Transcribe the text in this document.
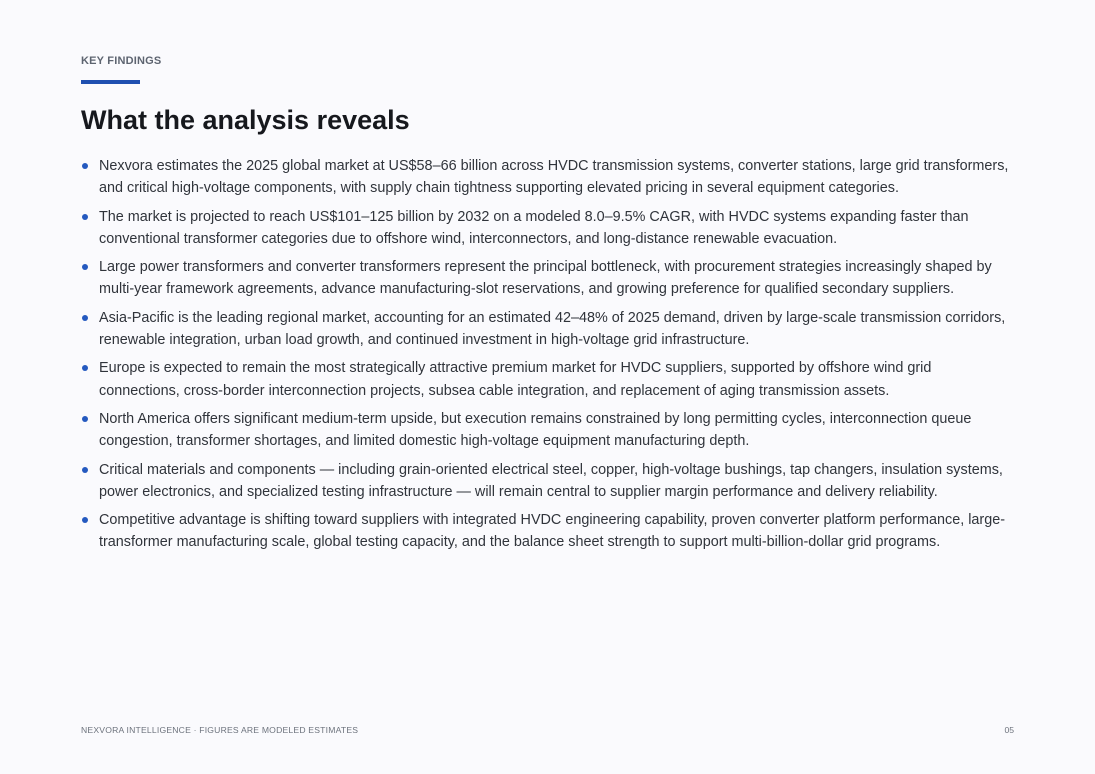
KEY FINDINGS
What the analysis reveals
Nexvora estimates the 2025 global market at US$58–66 billion across HVDC transmission systems, converter stations, large grid transformers, and critical high-voltage components, with supply chain tightness supporting elevated pricing in several equipment categories.
The market is projected to reach US$101–125 billion by 2032 on a modeled 8.0–9.5% CAGR, with HVDC systems expanding faster than conventional transformer categories due to offshore wind, interconnectors, and long-distance renewable evacuation.
Large power transformers and converter transformers represent the principal bottleneck, with procurement strategies increasingly shaped by multi-year framework agreements, advance manufacturing-slot reservations, and growing preference for qualified secondary suppliers.
Asia-Pacific is the leading regional market, accounting for an estimated 42–48% of 2025 demand, driven by large-scale transmission corridors, renewable integration, urban load growth, and continued investment in high-voltage grid infrastructure.
Europe is expected to remain the most strategically attractive premium market for HVDC suppliers, supported by offshore wind grid connections, cross-border interconnection projects, subsea cable integration, and replacement of aging transmission assets.
North America offers significant medium-term upside, but execution remains constrained by long permitting cycles, interconnection queue congestion, transformer shortages, and limited domestic high-voltage equipment manufacturing depth.
Critical materials and components — including grain-oriented electrical steel, copper, high-voltage bushings, tap changers, insulation systems, power electronics, and specialized testing infrastructure — will remain central to supplier margin performance and delivery reliability.
Competitive advantage is shifting toward suppliers with integrated HVDC engineering capability, proven converter platform performance, large-transformer manufacturing scale, global testing capacity, and the balance sheet strength to support multi-billion-dollar grid programs.
NEXVORA INTELLIGENCE · FIGURES ARE MODELED ESTIMATES	05
